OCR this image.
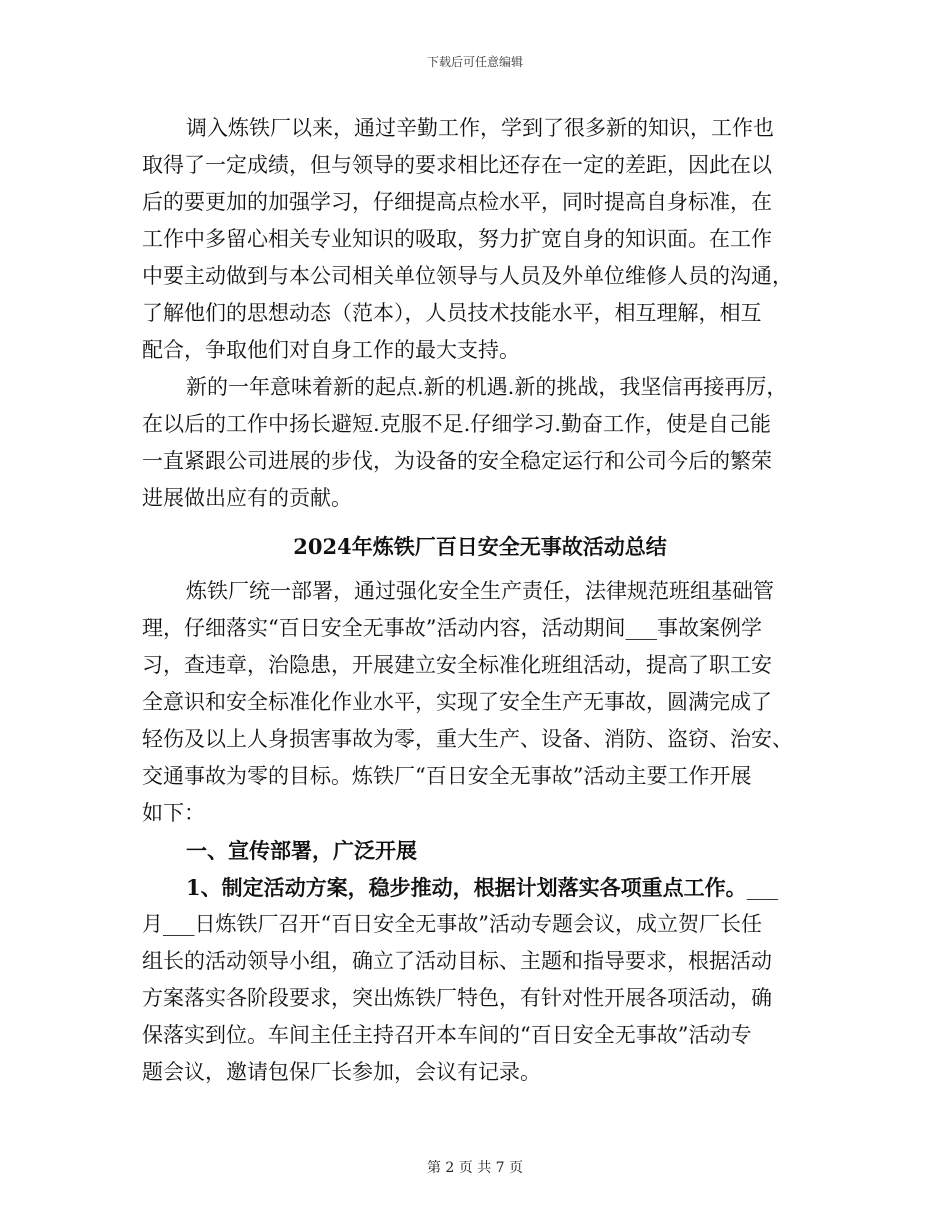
下载后可任意编辑
调入炼铁厂以来，通过辛勤工作，学到了很多新的知识，工作也
取得了一定成绩，但与领导的要求相比还存在一定的差距，因此在以
后的要更加的加强学习，仔细提高点检水平，同时提高自身标准，在
工作中多留心相关专业知识的吸取，努力扩宽自身的知识面。在工作
中要主动做到与本公司相关单位领导与人员及外单位维修人员的沟通，
了解他们的思想动态（范本），人员技术技能水平，相互理解，相互
配合，争取他们对自身工作的最大支持。
新的一年意味着新的起点.新的机遇.新的挑战，我坚信再接再厉，
在以后的工作中扬长避短.克服不足.仔细学习.勤奋工作，使是自己能
一直紧跟公司进展的步伐，为设备的安全稳定运行和公司今后的繁荣
进展做出应有的贡献。
2024年炼铁厂百日安全无事故活动总结
炼铁厂统一部署，通过强化安全生产责任，法律规范班组基础管
理，仔细落实“百日安全无事故”活动内容，活动期间___事故案例学
习，查违章，治隐患，开展建立安全标准化班组活动，提高了职工安
全意识和安全标准化作业水平，实现了安全生产无事故，圆满完成了
轻伤及以上人身损害事故为零，重大生产、设备、消防、盗窃、治安、
交通事故为零的目标。炼铁厂“百日安全无事故”活动主要工作开展
如下：
一、宣传部署，广泛开展
1、制定活动方案，稳步推动，根据计划落实各项重点工作。___
月___日炼铁厂召开“百日安全无事故”活动专题会议，成立贺厂长任
组长的活动领导小组，确立了活动目标、主题和指导要求，根据活动
方案落实各阶段要求，突出炼铁厂特色，有针对性开展各项活动，确
保落实到位。车间主任主持召开本车间的“百日安全无事故”活动专
题会议，邀请包保厂长参加，会议有记录。
第 2 页 共 7 页
